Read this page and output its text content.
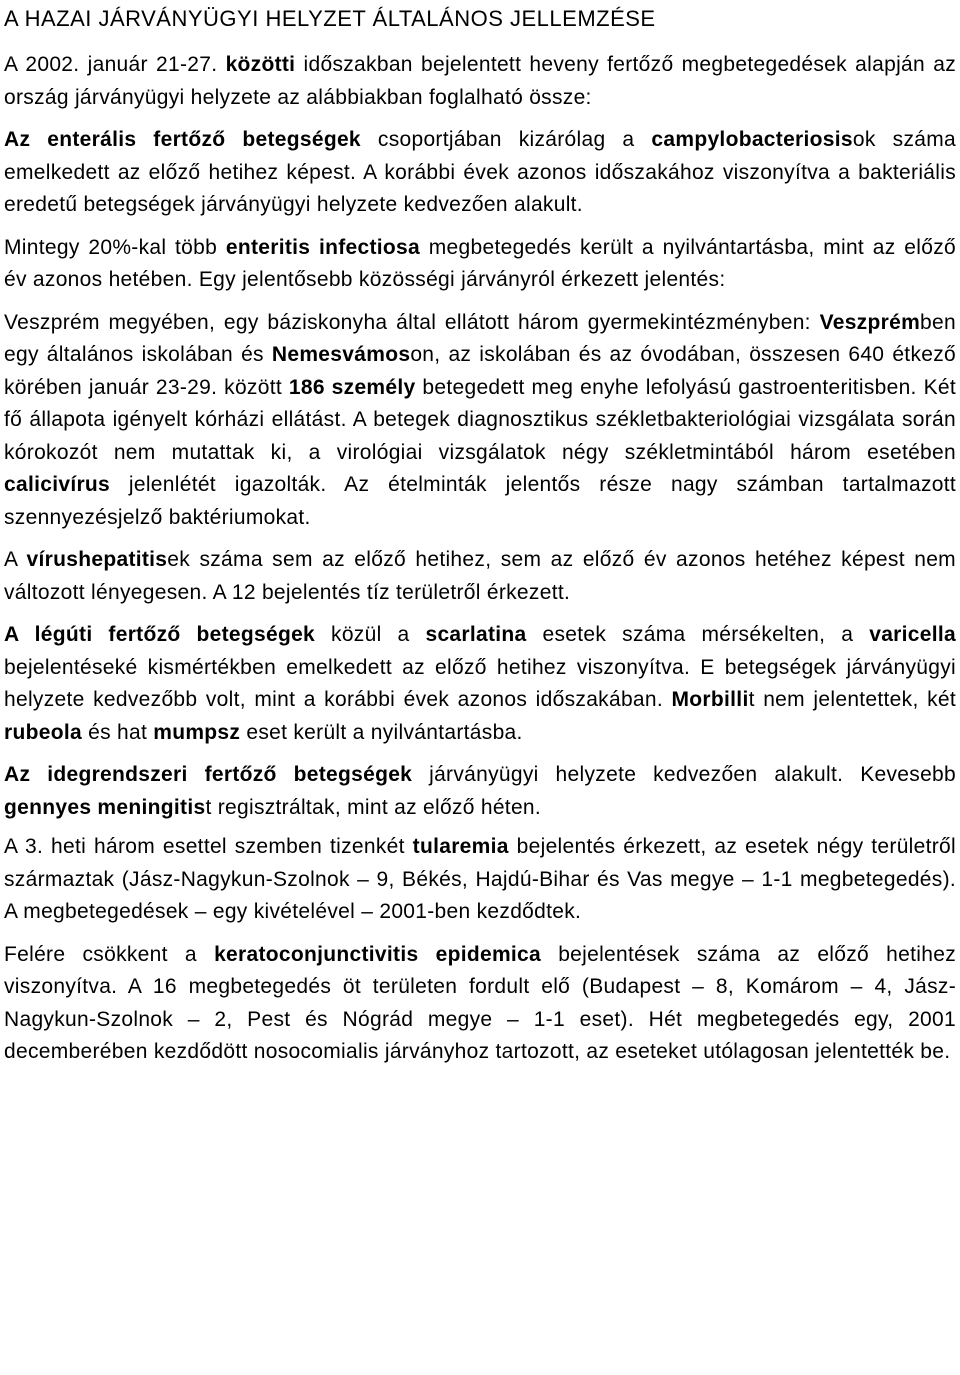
A HAZAI JÁRVÁNYÜGYI HELYZET ÁLTALÁNOS JELLEMZÉSE

A 2002. január 21-27. közötti időszakban bejelentett heveny fertőző megbetegedések alapján az ország járványügyi helyzete az alábbiakban foglalható össze:

Az enterális fertőző betegségek csoportjában kizárólag a campylobacteriosisok száma emelkedett az előző hetihez képest. A korábbi évek azonos időszakához viszonyítva a bakteriális eredetű betegségek járványügyi helyzete kedvezően alakult.

Mintegy 20%-kal több enteritis infectiosa megbetegedés került a nyilvántartásba, mint az előző év azonos hetében. Egy jelentősebb közösségi járványról érkezett jelentés:

Veszprém megyében, egy báziskonyha által ellátott három gyermekintézményben: Veszprémben egy általános iskolában és Nemesvámoson, az iskolában és az óvodában, összesen 640 étkező körében január 23-29. között 186 személy betegedett meg enyhe lefolyású gastroenteritisben. Két fő állapota igényelt kórházi ellátást. A betegek diagnosztikus székletbakteriológiai vizsgálata során kórokozót nem mutattak ki, a virológiai vizsgálatok négy székletmintából három esetében calicivírus jelenlétét igazolták. Az ételminták jelentős része nagy számban tartalmazott szennyezésjelző baktériumokat.

A vírushepatitisek száma sem az előző hetihez, sem az előző év azonos hetéhez képest nem változott lényegesen. A 12 bejelentés tíz területről érkezett.

A légúti fertőző betegségek közül a scarlatina esetek száma mérsékelten, a varicella bejelentéseké kismértékben emelkedett az előző hetihez viszonyítva. E betegségek járványügyi helyzete kedvezőbb volt, mint a korábbi évek azonos időszakában. Morbillit nem jelentettek, két rubeola és hat mumpsz eset került a nyilvántartásba.

Az idegrendszeri fertőző betegségek járványügyi helyzete kedvezően alakult. Kevesebb gennyes meningitist regisztráltak, mint az előző héten.

A 3. heti három esettel szemben tizenkét tularemia bejelentés érkezett, az esetek négy területről származtak (Jász-Nagykun-Szolnok – 9, Békés, Hajdú-Bihar és Vas megye – 1-1 megbetegedés). A megbetegedések – egy kivételével – 2001-ben kezdődtek.

Felére csökkent a keratoconjunctivitis epidemica bejelentések száma az előző hetihez viszonyítva. A 16 megbetegedés öt területen fordult elő (Budapest – 8, Komárom – 4, Jász-Nagykun-Szolnok – 2, Pest és Nógrád megye – 1-1 eset). Hét megbetegedés egy, 2001 decemberében kezdődött nosocomialis járványhoz tartozott, az eseteket utólagosan jelentették be.
